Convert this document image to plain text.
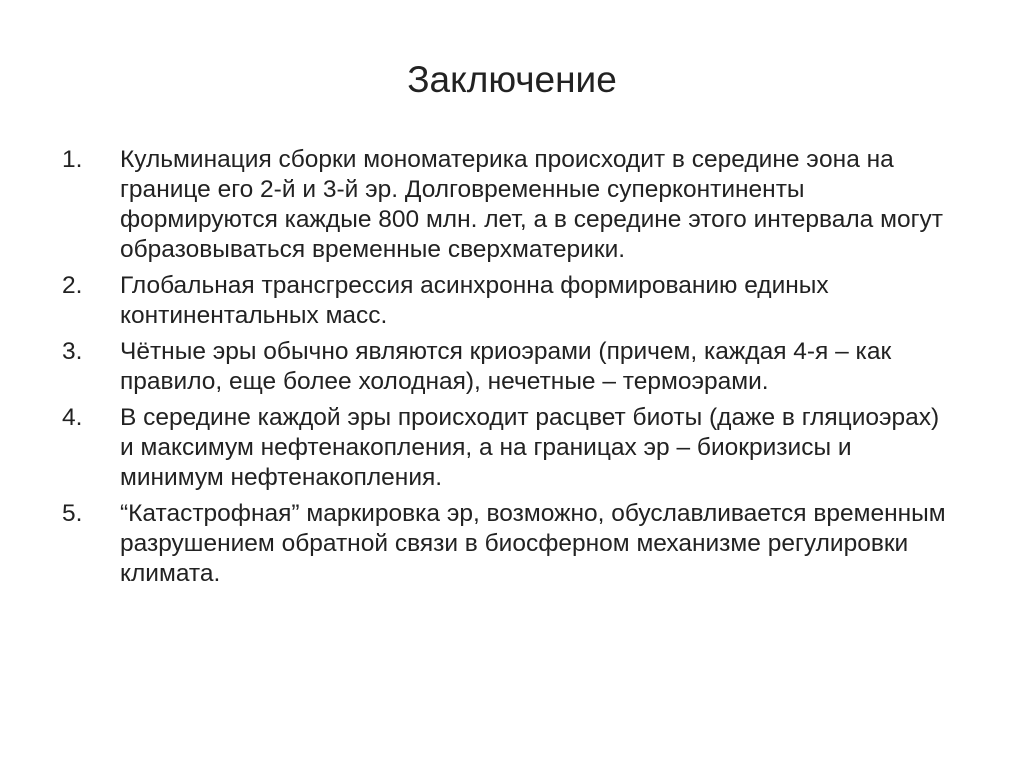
Заключение
1.	Кульминация сборки мономатерика происходит в середине эона на границе его 2-й и 3-й эр. Долговременные суперконтиненты формируются каждые 800 млн. лет, а в середине этого интервала могут образовываться временные сверхматерики.
2.	Глобальная трансгрессия асинхронна формированию единых континентальных масс.
3.	Чётные эры обычно являются криоэрами (причем, каждая 4-я – как правило, еще более холодная), нечетные – термоэрами.
4.	В середине каждой эры происходит расцвет биоты (даже в гляциоэрах) и максимум нефтенакопления, а на границах эр – биокризисы и минимум нефтенакопления.
5.	“Катастрофная” маркировка эр, возможно, обуславливается временным разрушением обратной связи в биосферном механизме регулировки климата.
